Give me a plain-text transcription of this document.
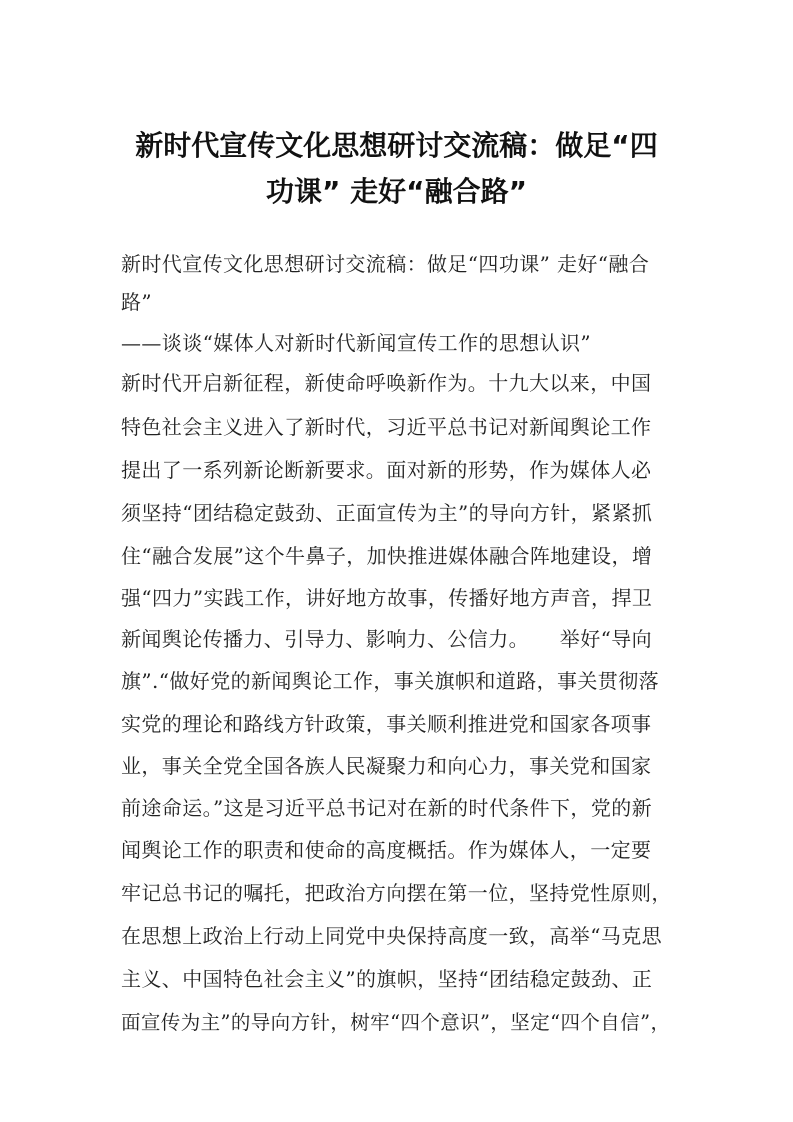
新时代宣传文化思想研讨交流稿：做足“四
功课” 走好“融合路”
新时代宣传文化思想研讨交流稿：做足“四功课” 走好“融合
路”
——谈谈“媒体人对新时代新闻宣传工作的思想认识”
新时代开启新征程，新使命呼唤新作为。十九大以来，中国
特色社会主义进入了新时代，习近平总书记对新闻舆论工作
提出了一系列新论断新要求。面对新的形势，作为媒体人必
须坚持“团结稳定鼓劲、正面宣传为主”的导向方针，紧紧抓
住“融合发展”这个牛鼻子，加快推进媒体融合阵地建设，增
强“四力”实践工作，讲好地方故事，传播好地方声音，捍卫
新闻舆论传播力、引导力、影响力、公信力。　　举好“导向
旗”.“做好党的新闻舆论工作，事关旗帜和道路，事关贯彻落
实党的理论和路线方针政策，事关顺利推进党和国家各项事
业，事关全党全国各族人民凝聚力和向心力，事关党和国家
前途命运。”这是习近平总书记对在新的时代条件下，党的新
闻舆论工作的职责和使命的高度概括。作为媒体人，一定要
牢记总书记的嘱托，把政治方向摆在第一位，坚持党性原则，
在思想上政治上行动上同党中央保持高度一致，高举“马克思
主义、中国特色社会主义”的旗帜，坚持“团结稳定鼓劲、正
面宣传为主”的导向方针，树牢“四个意识”，坚定“四个自信”，
